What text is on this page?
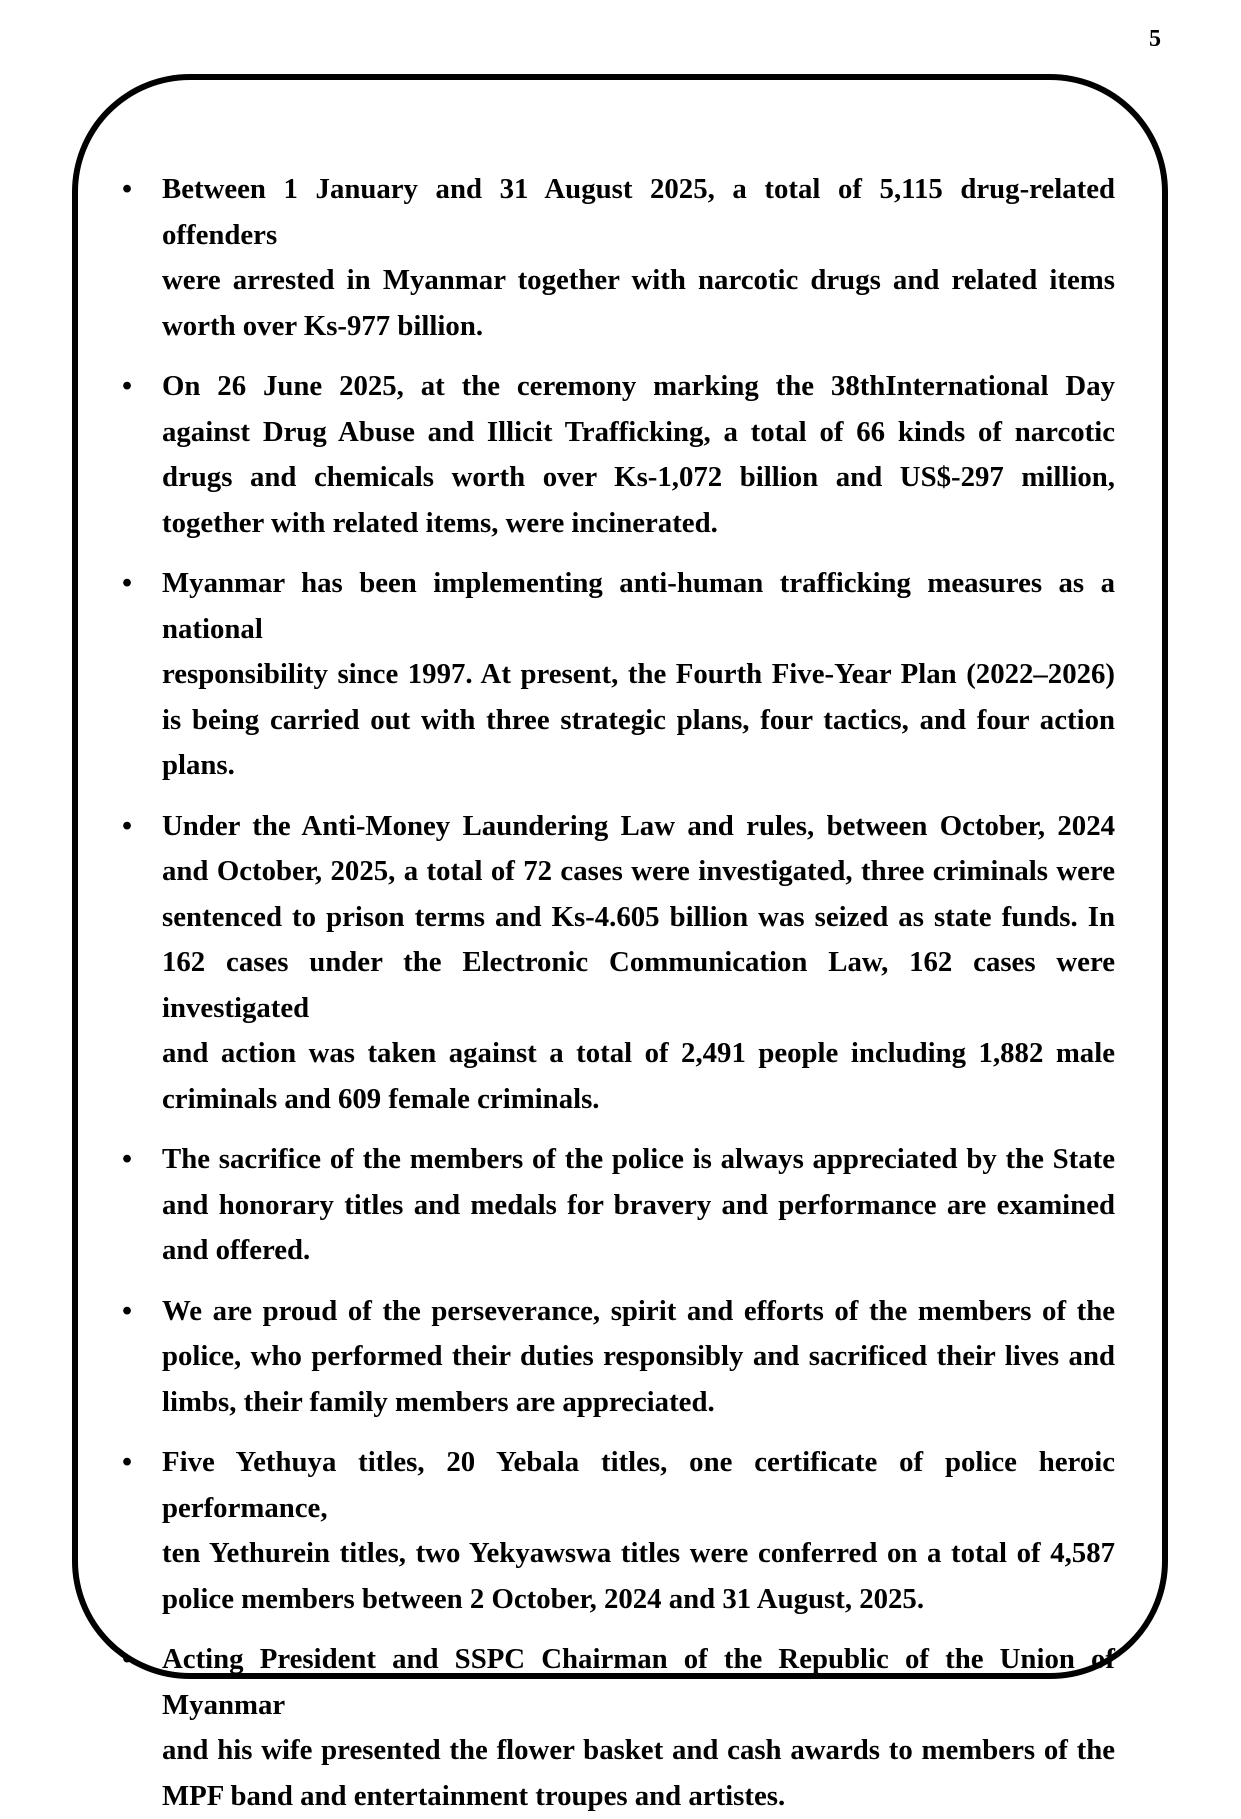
5
•	Between 1 January and 31 August 2025, a total of 5,115 drug-related offenders
were arrested in Myanmar together with narcotic drugs and related items
worth over Ks-977 billion.
•	On 26 June 2025, at the ceremony marking the 38thInternational Day
against Drug Abuse and Illicit Trafficking, a total of 66 kinds of narcotic
drugs and chemicals worth over Ks-1,072 billion and US$-297 million,
together with related items, were incinerated.
•	Myanmar has been implementing anti-human trafficking measures as a national
responsibility since 1997. At present, the Fourth Five-Year Plan (2022–2026)
is being carried out with three strategic plans, four tactics, and four action
plans.
•	Under the Anti-Money Laundering Law and rules, between October, 2024
and October, 2025, a total of 72 cases were investigated, three criminals were
sentenced to prison terms and Ks-4.605 billion was seized as state funds. In
162 cases under the Electronic Communication Law, 162 cases were investigated
and action was taken against a total of 2,491 people including 1,882 male
criminals and 609 female criminals.
•	The sacrifice of the members of the police is always appreciated by the State
and honorary titles and medals for bravery and performance are examined
and offered.
•	We are proud of the perseverance, spirit and efforts of the members of the
police, who performed their duties responsibly and sacrificed their lives and
limbs, their family members are appreciated.
•	Five Yethuya titles, 20 Yebala titles, one certificate of police heroic performance,
ten Yethurein titles, two Yekyawswa titles were conferred on a total of 4,587
police members between 2 October, 2024 and 31 August, 2025.
•	Acting President and SSPC Chairman of the Republic of the Union of Myanmar
and his wife presented the flower basket and cash awards to members of the
MPF band and entertainment troupes and artistes.
